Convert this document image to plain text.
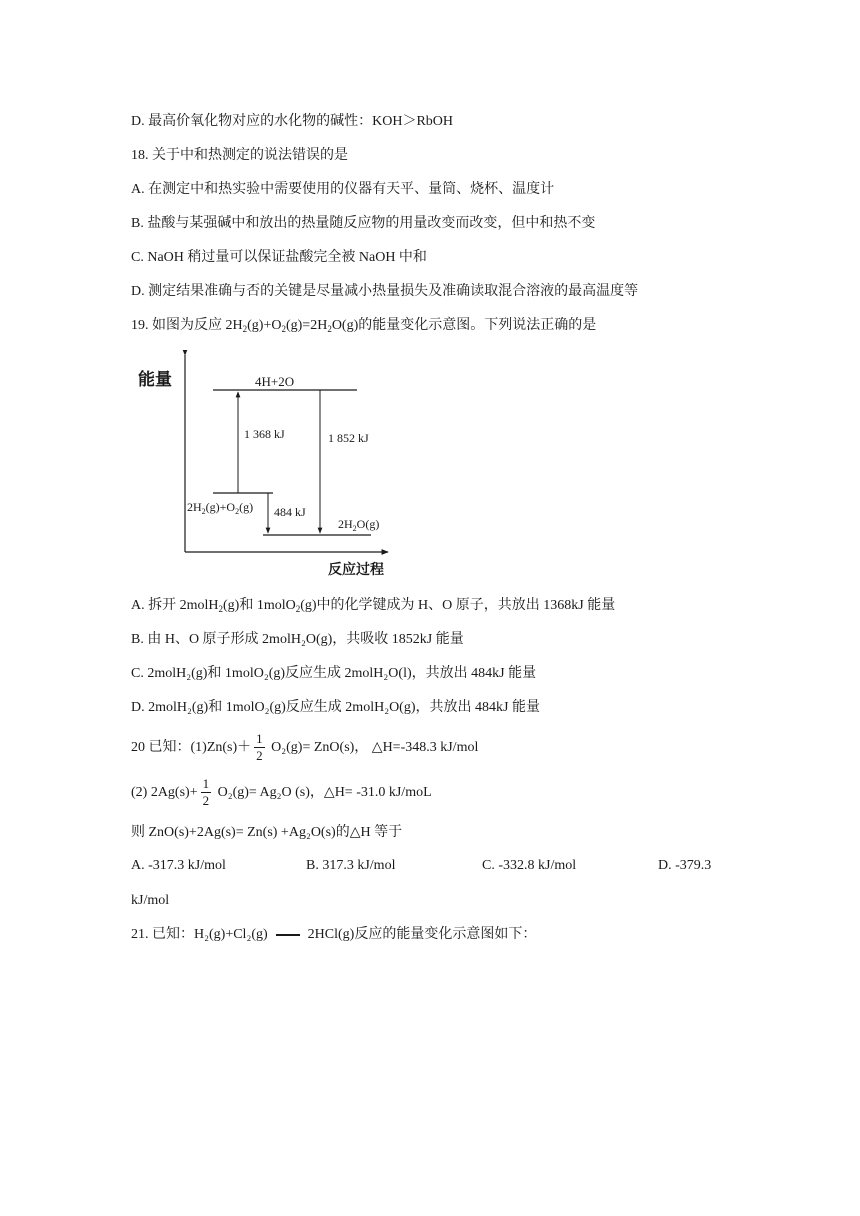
D. 最高价氧化物对应的水化物的碱性：KOH＞RbOH
18. 关于中和热测定的说法错误的是
A. 在测定中和热实验中需要使用的仪器有天平、量筒、烧杯、温度计
B. 盐酸与某强碱中和放出的热量随反应物的用量改变而改变，但中和热不变
C. NaOH 稍过量可以保证盐酸完全被 NaOH 中和
D. 测定结果准确与否的关键是尽量减小热量损失及准确读取混合溶液的最高温度等
19. 如图为反应 $2H_2(g)+O_2(g)=2H_2O(g)$的能量变化示意图。下列说法正确的是
能量
反应过程
4H+2O
$2H_2(g)+O_2(g)$
$2H_2O(g)$
1 368 kJ	1 852 kJ
484 kJ
A. 拆开 2molH$_2$(g)和 1molO$_2$(g)中的化学键成为 H、O 原子，共放出 1368kJ 能量
B. 由 H、O 原子形成 2molH₂O(g)，共吸收 1852kJ 能量
C. 2molH₂(g)和 1molO₂(g)反应生成 2molH₂O(l)，共放出 484kJ 能量
D. 2molH₂(g)和 1molO₂(g)反应生成 2molH₂O(g)，共放出 484kJ 能量
20 已知：$(1)Zn(s)+ \frac{1}{2} O_2(g)= ZnO(s)$， △H=-348.3 kJ/mol
(2) $2Ag(s)+ \frac{1}{2} O_2(g)= Ag_2O$ (s)，△H= -31.0 kJ/moL
则 ZnO(s)+2Ag(s)= Zn(s) +Ag₂O(s)的△H 等于
A. -317.3 kJ/mol	B. 317.3 kJ/mol	C. -332.8 kJ/mol	D. -379.3
kJ/mol
21. 已知：H₂(g)+Cl₂(g)	2HCl(g)反应的能量变化示意图如下：
